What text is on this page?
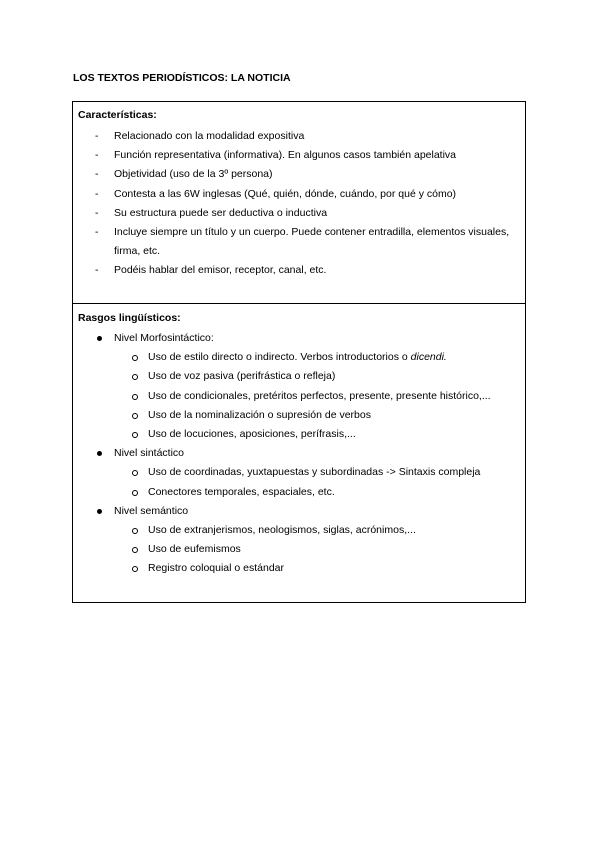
LOS TEXTOS PERIODÍSTICOS: LA NOTICIA
Características:
- Relacionado con la modalidad expositiva
- Función representativa (informativa). En algunos casos también apelativa
- Objetividad (uso de la 3º persona)
- Contesta a las 6W inglesas (Qué, quién, dónde, cuándo, por qué y cómo)
- Su estructura puede ser deductiva o inductiva
- Incluye siempre un título y un cuerpo. Puede contener entradilla, elementos visuales, firma, etc.
- Podéis hablar del emisor, receptor, canal, etc.
Rasgos lingüísticos:
Nivel Morfosintáctico:
Uso de estilo directo o indirecto. Verbos introductorios o dicendi.
Uso de voz pasiva (perifrástica o refleja)
Uso de condicionales, pretéritos perfectos, presente, presente histórico,...
Uso de la nominalización o supresión de verbos
Uso de locuciones, aposiciones, perífrasis,...
Nivel sintáctico
Uso de coordinadas, yuxtapuestas y subordinadas -> Sintaxis compleja
Conectores temporales, espaciales, etc.
Nivel semántico
Uso de extranjerismos, neologismos, siglas, acrónimos,...
Uso de eufemismos
Registro coloquial o estándar
